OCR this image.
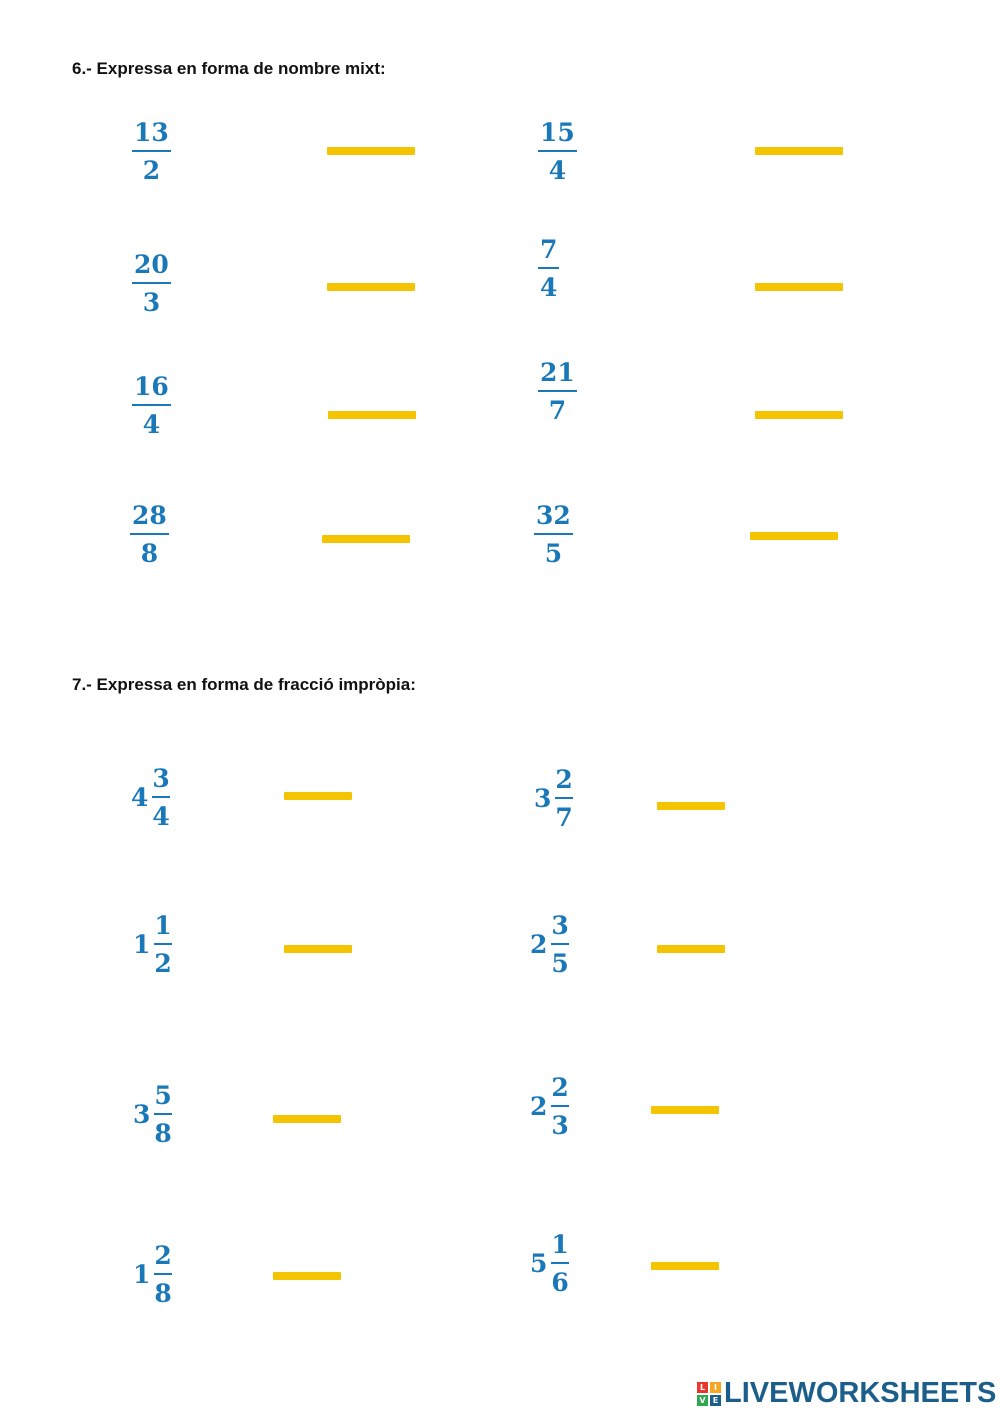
6.- Expressa en forma de nombre mixt:
13
2
15
4
20
3
7
4
16
4
21
7
28
8
32
5
7.- Expressa en forma de fracció impròpia:
4
3
4
3
2
7
1
1
2
2
3
5
3
5
8
2
2
3
1
2
8
5
1
6
L	I
V E LIVEWORKSHEETS
